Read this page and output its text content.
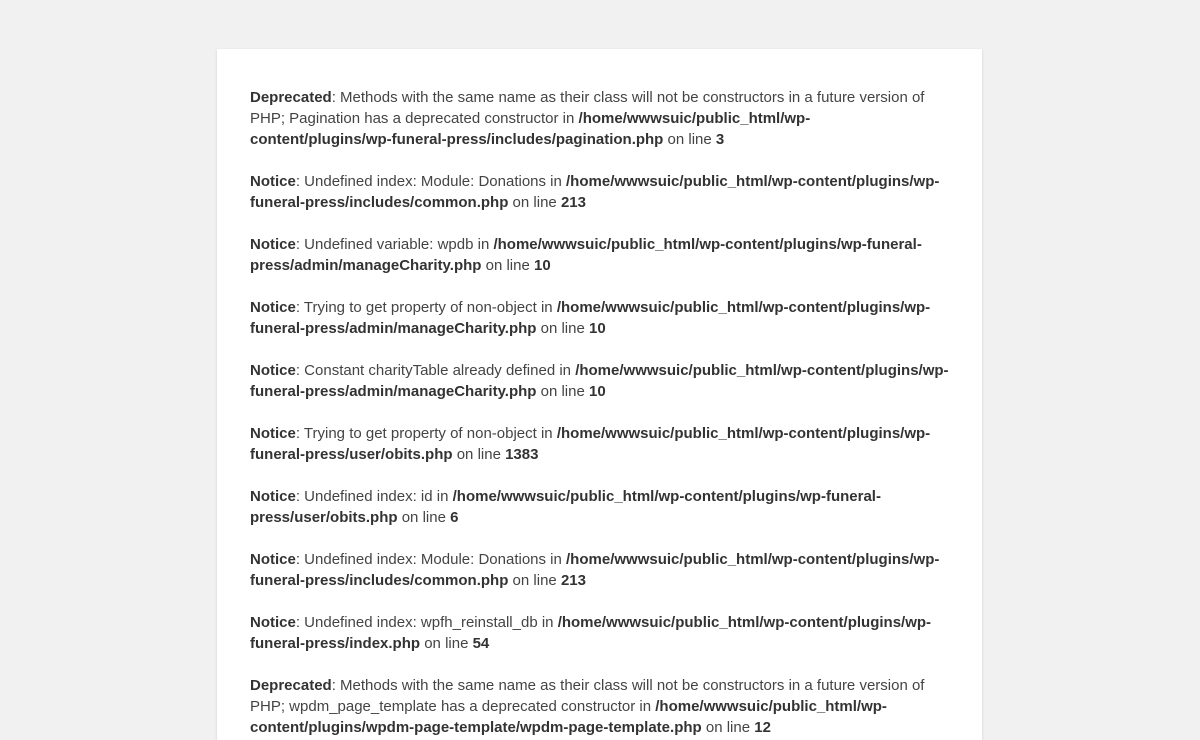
Deprecated: Methods with the same name as their class will not be constructors in a future version of PHP; Pagination has a deprecated constructor in /home/wwwsuic/public_html/wp-content/plugins/wp-funeral-press/includes/pagination.php on line 3

Notice: Undefined index: Module: Donations in /home/wwwsuic/public_html/wp-content/plugins/wp-funeral-press/includes/common.php on line 213

Notice: Undefined variable: wpdb in /home/wwwsuic/public_html/wp-content/plugins/wp-funeral-press/admin/manageCharity.php on line 10

Notice: Trying to get property of non-object in /home/wwwsuic/public_html/wp-content/plugins/wp-funeral-press/admin/manageCharity.php on line 10

Notice: Constant charityTable already defined in /home/wwwsuic/public_html/wp-content/plugins/wp-funeral-press/admin/manageCharity.php on line 10

Notice: Trying to get property of non-object in /home/wwwsuic/public_html/wp-content/plugins/wp-funeral-press/user/obits.php on line 1383

Notice: Undefined index: id in /home/wwwsuic/public_html/wp-content/plugins/wp-funeral-press/user/obits.php on line 6

Notice: Undefined index: Module: Donations in /home/wwwsuic/public_html/wp-content/plugins/wp-funeral-press/includes/common.php on line 213

Notice: Undefined index: wpfh_reinstall_db in /home/wwwsuic/public_html/wp-content/plugins/wp-funeral-press/index.php on line 54

Deprecated: Methods with the same name as their class will not be constructors in a future version of PHP; wpdm_page_template has a deprecated constructor in /home/wwwsuic/public_html/wp-content/plugins/wpdm-page-template/wpdm-page-template.php on line 12
